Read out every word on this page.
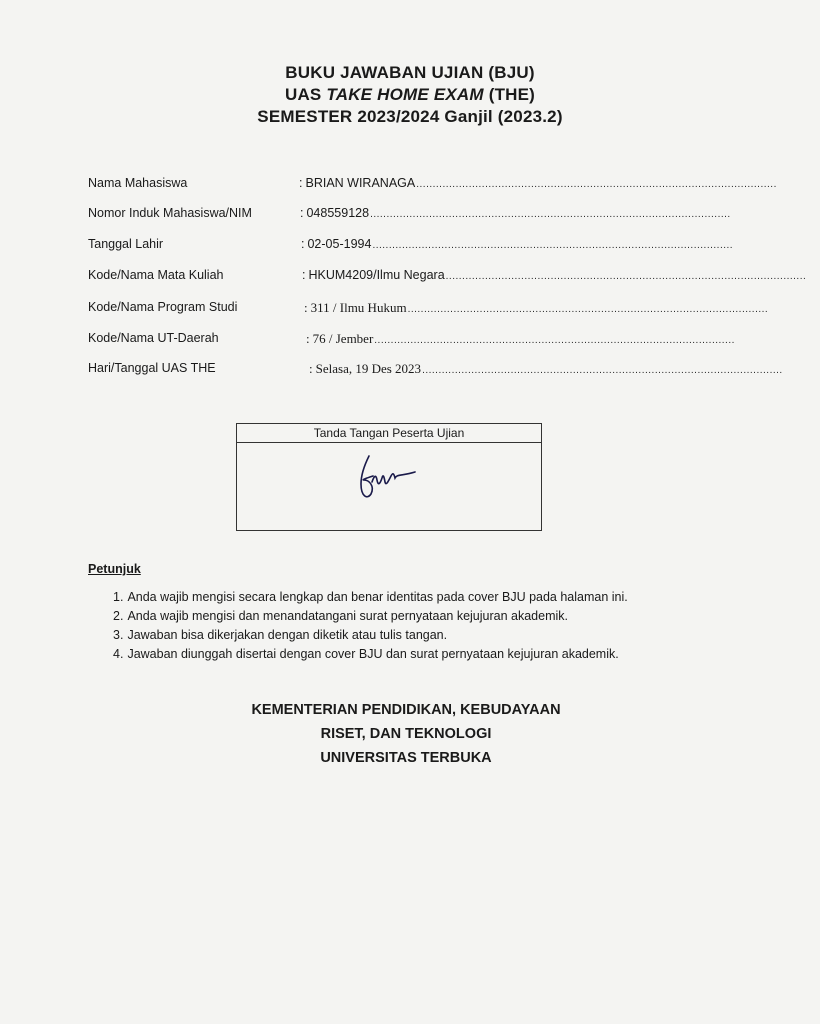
BUKU JAWABAN UJIAN (BJU)
UAS TAKE HOME EXAM (THE)
SEMESTER 2023/2024 Ganjil (2023.2)
Nama Mahasiswa	: BRIAN WIRANAGA ..............................................................................................................
Nomor Induk Mahasiswa/NIM	: 048559128 ..............................................................................................................
Tanggal Lahir	: 02-05-1994 ..............................................................................................................
Kode/Nama Mata Kuliah	: HKUM4209/Ilmu Negara ..............................................................................................................
Kode/Nama Program Studi	: 311 / Ilmu Hukum ..............................................................................................................
Kode/Nama UT-Daerah	: 76 / Jember ..............................................................................................................
Hari/Tanggal UAS THE	: Selasa, 19 Des 2023 ..............................................................................................................
Tanda Tangan Peserta Ujian
Petunjuk
1. Anda wajib mengisi secara lengkap dan benar identitas pada cover BJU pada halaman ini.
2. Anda wajib mengisi dan menandatangani surat pernyataan kejujuran akademik.
3. Jawaban bisa dikerjakan dengan diketik atau tulis tangan.
4. Jawaban diunggah disertai dengan cover BJU dan surat pernyataan kejujuran akademik.
KEMENTERIAN PENDIDIKAN, KEBUDAYAAN
RISET, DAN TEKNOLOGI
UNIVERSITAS TERBUKA
